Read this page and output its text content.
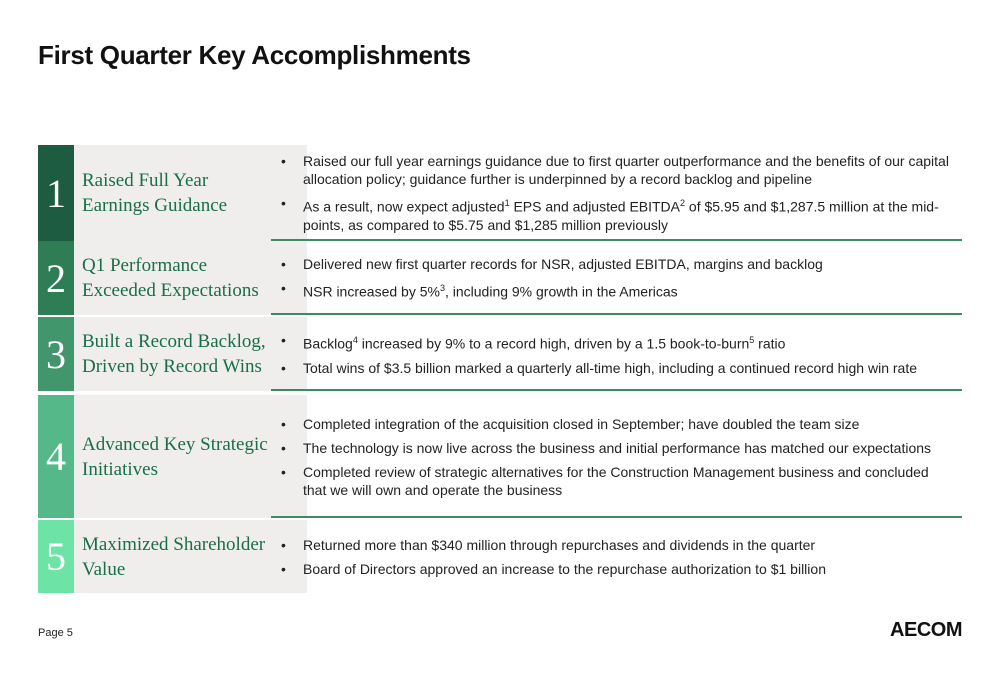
First Quarter Key Accomplishments
1 Raised Full Year
Earnings Guidance
• Raised our full year earnings guidance due to first quarter outperformance and the benefits of our capital allocation policy; guidance further is underpinned by a record backlog and pipeline
• As a result, now expect adjusted$^1$ EPS and adjusted EBITDA$^2$ of $5.95 and $1,287.5 million at the mid-points, as compared to $5.75 and $1,285 million previously
2 Q1 Performance
Exceeded Expectations
• Delivered new first quarter records for NSR, adjusted EBITDA, margins and backlog
• NSR increased by 5%$^3$, including 9% growth in the Americas
3 Built a Record Backlog,
Driven by Record Wins
• Backlog$^4$ increased by 9% to a record high, driven by a 1.5 book-to-burn$^5$ ratio
• Total wins of $3.5 billion marked a quarterly all-time high, including a continued record high win rate
4 Advanced Key Strategic
Initiatives
• Completed integration of the acquisition closed in September; have doubled the team size
• The technology is now live across the business and initial performance has matched our expectations
• Completed review of strategic alternatives for the Construction Management business and concluded that we will own and operate the business
5 Maximized Shareholder
Value
• Returned more than $340 million through repurchases and dividends in the quarter
• Board of Directors approved an increase to the repurchase authorization to $1 billion
Page 5	AECOM
